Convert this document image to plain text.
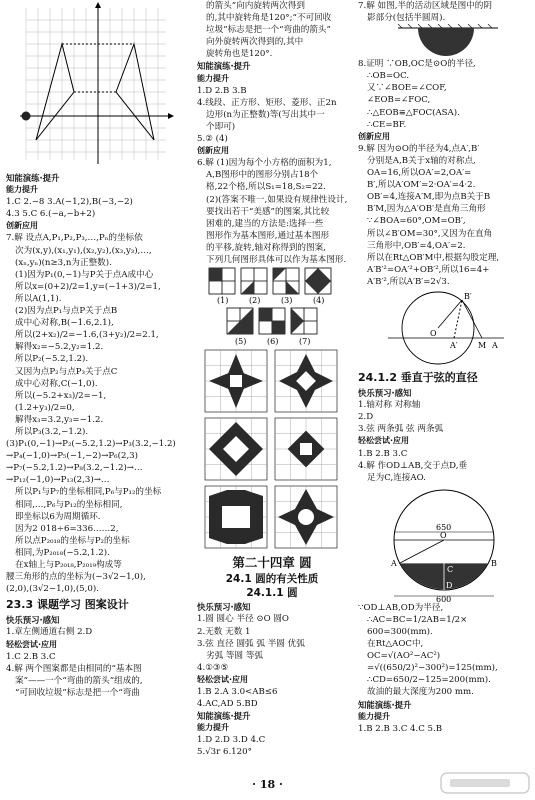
知能演练·提升
能力提升
1.C 2.−8 3.A(−1,2),B(−3,−2)
4.3 5.C 6.(−a,−b+2)
创新应用
7.解 设点A,P₁,P₂,P₃,…,Pₙ的坐标依
次为(x,y),(x₁,y₁),(x₂,y₂),(x₃,y₃),…,
(xₙ,yₙ)(n≥3,n为正整数).
(1)因为P₁(0,−1)与P关于点A成中心
所以x=(0+2)/2=1,y=(−1+3)/2=1,
所以A(1,1).
(2)因为点P₁与点P关于点B
成中心对称,B(−1.6,2.1),
所以(2+x₂)/2=−1.6,(3+y₂)/2=2.1,
解得x₂=−5.2,y₂=1.2.
所以P₂(−5.2,1.2).
又因为点P₂与点P₃关于点C
成中心对称,C(−1,0).
所以(−5.2+x₃)/2=−1,
(1.2+y₃)/2=0,
解得x₃=3.2,y₃=−1.2.
所以P₃(3.2,−1.2).
(3)P₁(0,−1)→P₂(−5.2,1.2)→P₃(3.2,−1.2)
→P₄(−1,0)→P₅(−1,−2)→P₆(2,3)
→P₇(−5.2,1.2)→P₈(3.2,−1.2)→…
→P₁₂(−1,0)→P₁₃(2,3)→…
所以P₁与P₇的坐标相同,P₆与P₁₂的坐标
相同,…,P₆与P₁₂的坐标相同,
即坐标以6为周期循环.
因为2 018÷6=336……2,
所以点P₂₀₁₈的坐标与P₂的坐标
相同,为P₂₀₁₈(−5.2,1.2).
在x轴上与P₂₀₁₈,P₂₀₁₉构成等
腰三角形的点的坐标为(−3√2−1,0),
(2,0),(3√2−1,0),(5,0).
23.3 课题学习 图案设计
快乐预习·感知
1.章左侧通道右侧 2.D
轻松尝试·应用
1.C 2.B 3.C
4.解 两个图案都是由相同的“基本图
案”——一个“弯曲的箭头”组成的,
“可回收垃圾”标志是把一个“弯曲
的箭头”向内旋转两次得到
的,其中旋转角是120°;“不可回收
垃圾”标志是把一个“弯曲的箭头”
向外旋转两次得到的,其中
旋转角也是120°.
知能演练·提升
能力提升
1.D 2.B 3.B
4.线段、正方形、矩形、菱形、正2n
边形(n为正整数)等(写出其中一
个即可)
5.② (4)
创新应用
6.解 (1)因为每个小方格的面积为1,
A,B图形中的图形分别占18个
格,22个格,所以S₁=18,S₂=22.
(2)(答案不唯一,如果设有规律性设计,
要找出若干“美感”的图案,其比较
困难的,建当的方法是:选择一些
图形作为基本图形,通过基本图形
的平移,旋转,轴对称得到的图案,
下列几何图形具体可以作为基本图形.
(1)	(2)	(3)	(4)
(5)	(6)	(7)
第二十四章 圆
24.1 圆的有关性质
24.1.1 圆
快乐预习·感知
1.圆 圆心 半径 ⊙O 圆O
2.无数 无数 1
3.弦 直径 圆弧 弧 半圆 优弧
劣弧 等圆 等弧
4.①③⑤
轻松尝试·应用
1.B 2.A 3.0<AB≤6
4.AC,AD 5.BD
知能演练·提升
能力提升
1.D 2.D 3.D 4.C
5.√3r 6.120°
7.解 如图,半的活动区域是图中的阴
影部分(包括半圆周).
8.证明 ∵OB,OC是⊙O的半径,
∴OB=OC.
又∵∠BOE=∠COF,
∠EOB=∠FOC,
∴△EOB≌△FOC(ASA).
∴CE=BF.
创新应用
9.解 因为⊙O的半径为4,点A′,B′
分别是A,B关于x轴的对称点,
OA=16,所以OA′=2,OA′=
B′,所以A′OM′=2·OA′=4·2.
OB′=4,连接A′M,即为点B关于B
B′M,因为△A′OB′是直角三角形
∵∠BOA=60°,OM=OB′,
所以∠B′OM=30°,又因为在直角
三角形中,OB′=4,OA′=2.
所以在Rt△OB′M中,根据勾股定理,
A′B′²=OA′²+OB′²,所以16=4+
A′B′²,所以A′B′=2√3.
O
B′
A′	M A
24.1.2 垂直于弦的直径
快乐预习·感知
1.轴对称 对称轴
2.D
3.弦 两条弧 弦 两条弧
轻松尝试·应用
1.B 2.B 3.C
4.解 作OD⊥AB,交于点D,垂
足为C,连接AO.
650
600
O
A	B
C
D
∵OD⊥AB,OD为半径,
∴AC=BC=1/2AB=1/2×
600=300(mm).
在Rt△AOC中,
OC=√(AO²−AC²)
=√((650/2)²−300²)=125(mm),
∴CD=650/2−125=200(mm).
故油的最大深度为200 mm.
知能演练·提升
能力提升
1.B 2.B 3.C 4.C 5.B
· 18 ·
